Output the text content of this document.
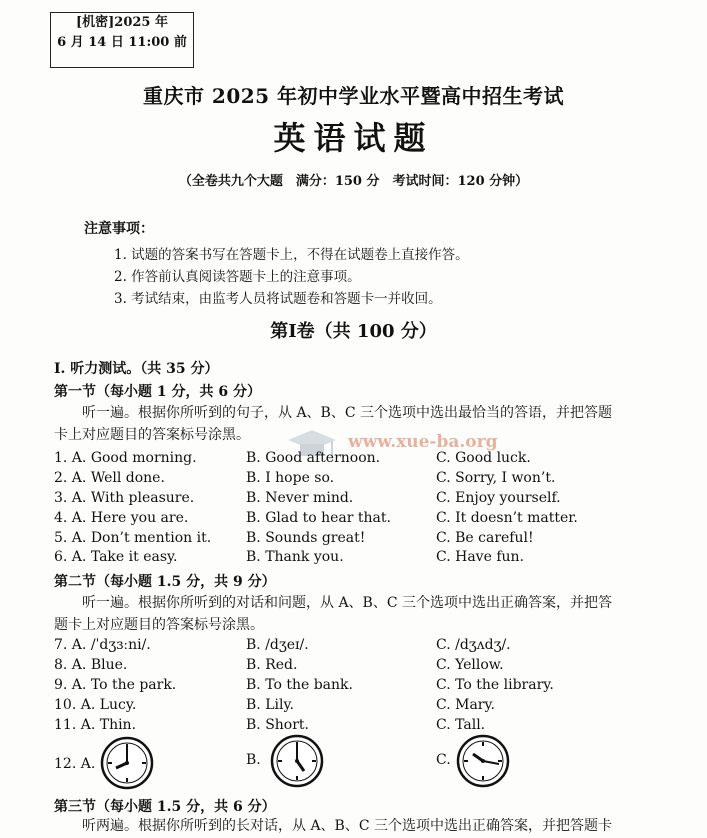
[机密]2025 年
6 月 14 日 11:00 前
重庆市 2025 年初中学业水平暨高中招生考试
英语试题
（全卷共九个大题　满分：150 分　考试时间：120 分钟）
注意事项：
1. 试题的答案书写在答题卡上，不得在试题卷上直接作答。
2. 作答前认真阅读答题卡上的注意事项。
3. 考试结束，由监考人员将试题卷和答题卡一并收回。
第Ⅰ卷（共 100 分）
I. 听力测试。（共 35 分）
第一节（每小题 1 分，共 6 分）
听一遍。根据你所听到的句子，从 A、B、C 三个选项中选出最恰当的答语，并把答题
卡上对应题目的答案标号涂黑。	www.xue-ba.org
1. A. Good morning.	B. Good afternoon.	C. Good luck.
2. A. Well done.	B. I hope so.	C. Sorry, I won’t.
3. A. With pleasure.	B. Never mind.	C. Enjoy yourself.
4. A. Here you are.	B. Glad to hear that.	C. It doesn’t matter.
5. A. Don’t mention it. B. Sounds great!	C. Be careful!
6. A. Take it easy.	B. Thank you.	C. Have fun.
第二节（每小题 1.5 分，共 9 分）
听一遍。根据你所听到的对话和问题，从 A、B、C 三个选项中选出正确答案，并把答
题卡上对应题目的答案标号涂黑。
7. A. /ˈdʒɜːni/.	B. /dʒeɪ/.	C. /dʒʌdʒ/.
8. A. Blue.	B. Red.	C. Yellow.
9. A. To the park.	B. To the bank.	C. To the library.
10. A. Lucy.	B. Lily.	C. Mary.
11. A. Thin.	B. Short.	C. Tall.
12. A.	B.	C.
第三节（每小题 1.5 分，共 6 分）
听两遍。根据你所听到的长对话，从 A、B、C 三个选项中选出正确答案，并把答题卡
